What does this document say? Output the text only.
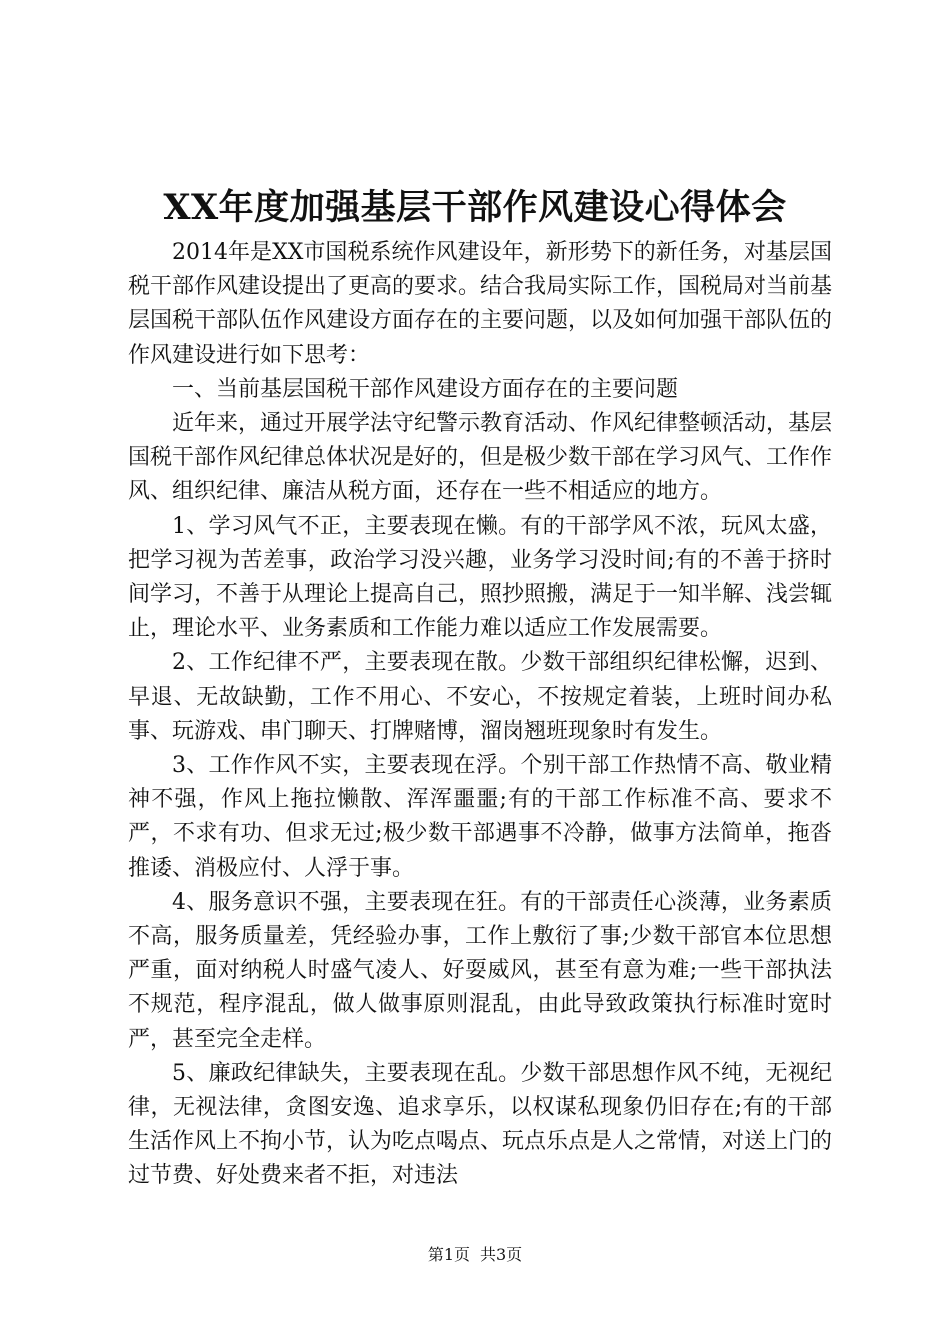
XX年度加强基层干部作风建设心得体会

2014年是XX市国税系统作风建设年，新形势下的新任务，对基层国税干部作风建设提出了更高的要求。结合我局实际工作，国税局对当前基层国税干部队伍作风建设方面存在的主要问题，以及如何加强干部队伍的作风建设进行如下思考：

一、当前基层国税干部作风建设方面存在的主要问题

近年来，通过开展学法守纪警示教育活动、作风纪律整顿活动，基层国税干部作风纪律总体状况是好的，但是极少数干部在学习风气、工作作风、组织纪律、廉洁从税方面，还存在一些不相适应的地方。

1、学习风气不正，主要表现在懒。有的干部学风不浓，玩风太盛，把学习视为苦差事，政治学习没兴趣，业务学习没时间;有的不善于挤时间学习，不善于从理论上提高自己，照抄照搬，满足于一知半解、浅尝辄止，理论水平、业务素质和工作能力难以适应工作发展需要。

2、工作纪律不严，主要表现在散。少数干部组织纪律松懈，迟到、早退、无故缺勤，工作不用心、不安心，不按规定着装，上班时间办私事、玩游戏、串门聊天、打牌赌博，溜岗翘班现象时有发生。

3、工作作风不实，主要表现在浮。个别干部工作热情不高、敬业精神不强，作风上拖拉懒散、浑浑噩噩;有的干部工作标准不高、要求不严，不求有功、但求无过;极少数干部遇事不冷静，做事方法简单，拖沓推诿、消极应付、人浮于事。

4、服务意识不强，主要表现在狂。有的干部责任心淡薄，业务素质不高，服务质量差，凭经验办事，工作上敷衍了事;少数干部官本位思想严重，面对纳税人时盛气凌人、好耍威风，甚至有意为难;一些干部执法不规范，程序混乱，做人做事原则混乱，由此导致政策执行标准时宽时严，甚至完全走样。

5、廉政纪律缺失，主要表现在乱。少数干部思想作风不纯，无视纪律，无视法律，贪图安逸、追求享乐，以权谋私现象仍旧存在;有的干部生活作风上不拘小节，认为吃点喝点、玩点乐点是人之常情，对送上门的过节费、好处费来者不拒，对违法

第1页 共3页
